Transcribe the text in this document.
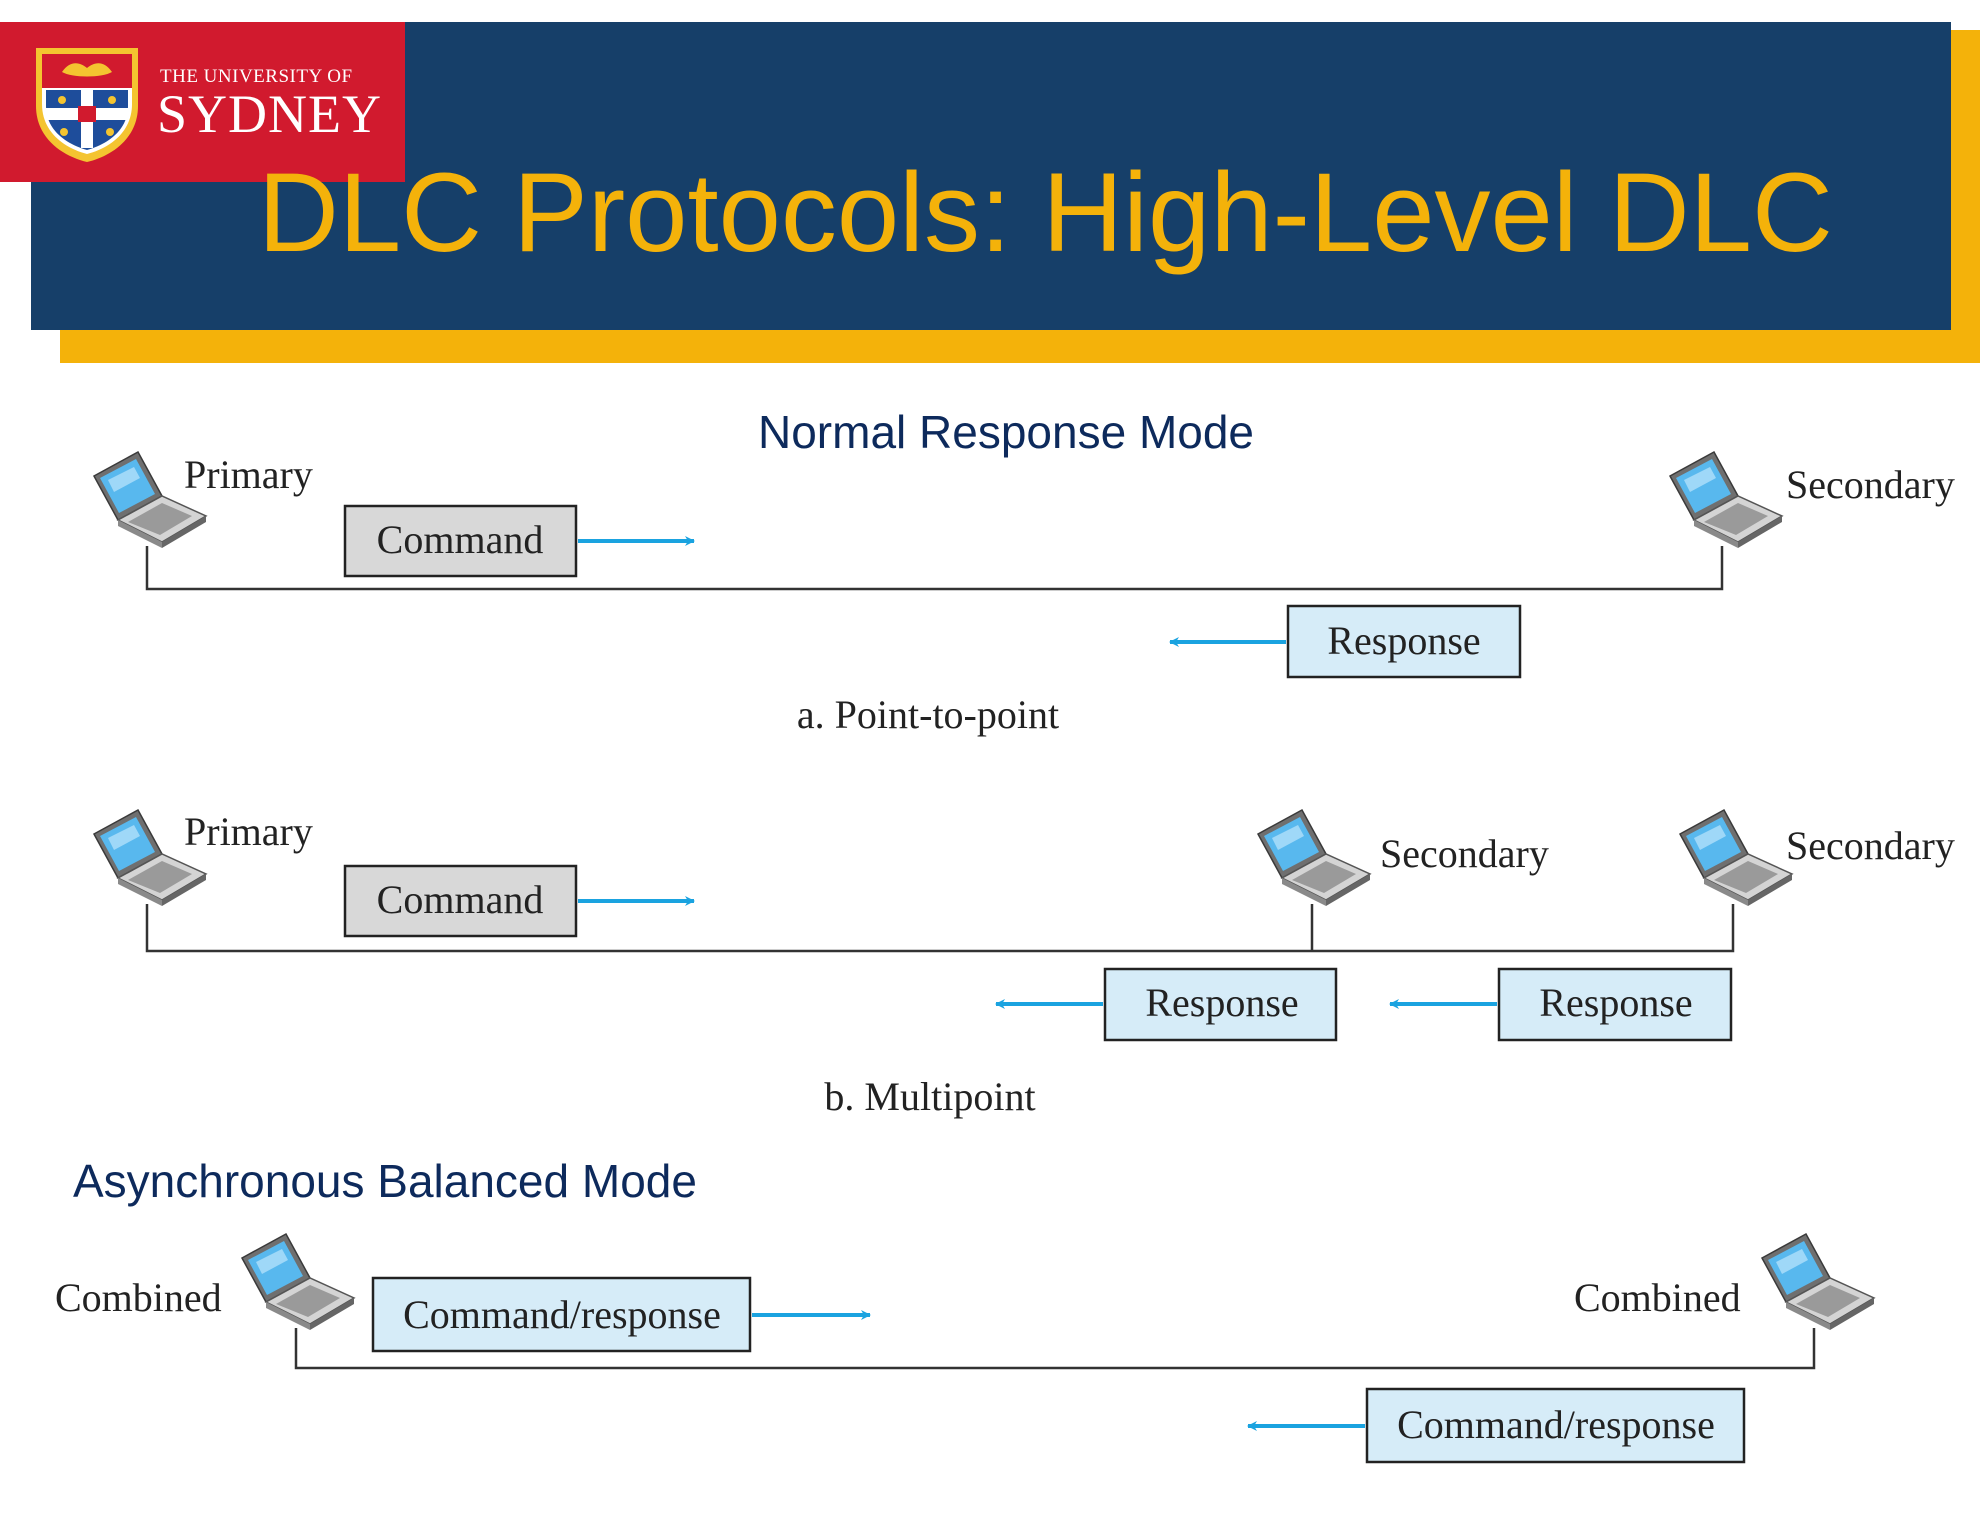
THE UNIVERSITY OF
SYDNEY
DLC Protocols: High-Level DLC
Normal Response Mode
Asynchronous Balanced Mode
Primary	Secondary
Command
Response
a. Point-to-point
Primary	Secondary	Secondary
Command
Response	Response
b. Multipoint
Combined	Combined
Command/response
Command/response
